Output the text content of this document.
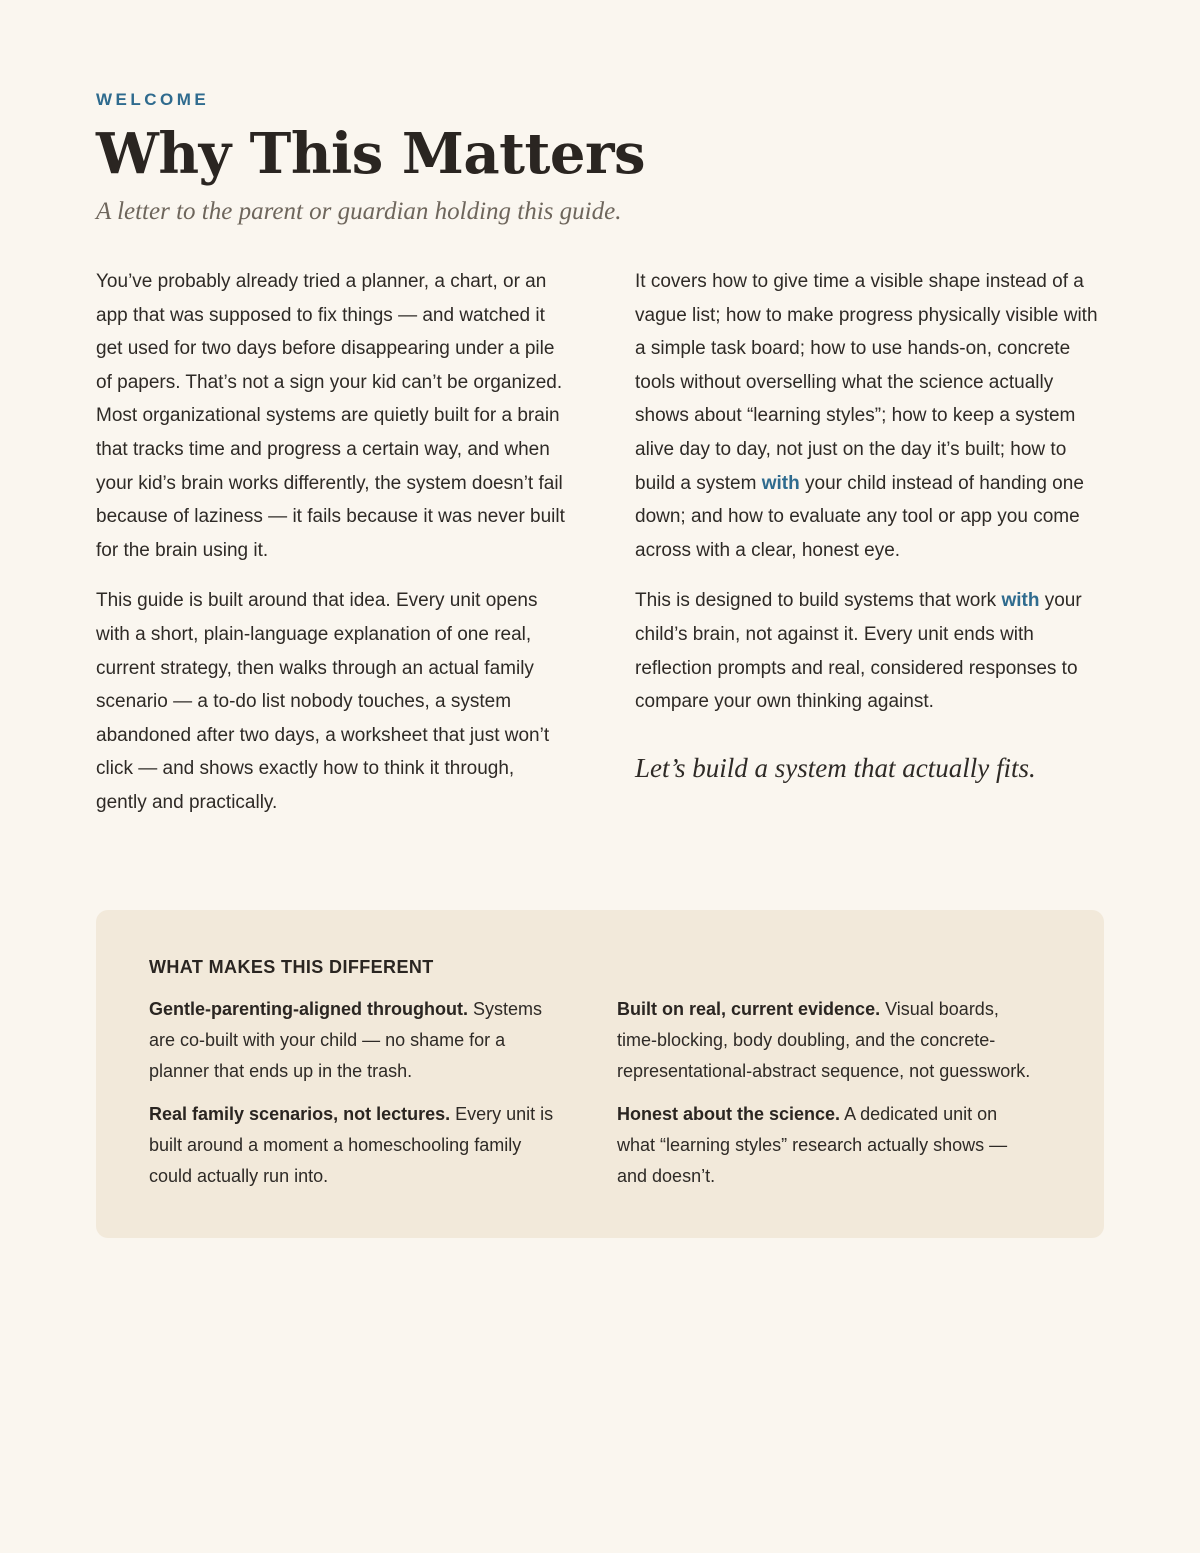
WELCOME

Why This Matters

A letter to the parent or guardian holding this guide.

You’ve probably already tried a planner, a chart, or an app that was supposed to fix things — and watched it get used for two days before disappearing under a pile of papers. That’s not a sign your kid can’t be organized. Most organizational systems are quietly built for a brain that tracks time and progress a certain way, and when your kid’s brain works differently, the system doesn’t fail because of laziness — it fails because it was never built for the brain using it.

This guide is built around that idea. Every unit opens with a short, plain-language explanation of one real, current strategy, then walks through an actual family scenario — a to-do list nobody touches, a system abandoned after two days, a worksheet that just won’t click — and shows exactly how to think it through, gently and practically.

It covers how to give time a visible shape instead of a vague list; how to make progress physically visible with a simple task board; how to use hands-on, concrete tools without overselling what the science actually shows about “learning styles”; how to keep a system alive day to day, not just on the day it’s built; how to build a system with your child instead of handing one down; and how to evaluate any tool or app you come across with a clear, honest eye.

This is designed to build systems that work with your child’s brain, not against it. Every unit ends with reflection prompts and real, considered responses to compare your own thinking against.

Let’s build a system that actually fits.

WHAT MAKES THIS DIFFERENT

Gentle-parenting-aligned throughout. Systems are co-built with your child — no shame for a planner that ends up in the trash.

Real family scenarios, not lectures. Every unit is built around a moment a homeschooling family could actually run into.

Built on real, current evidence. Visual boards, time-blocking, body doubling, and the concrete-representational-abstract sequence, not guesswork.

Honest about the science. A dedicated unit on what “learning styles” research actually shows — and doesn’t.
